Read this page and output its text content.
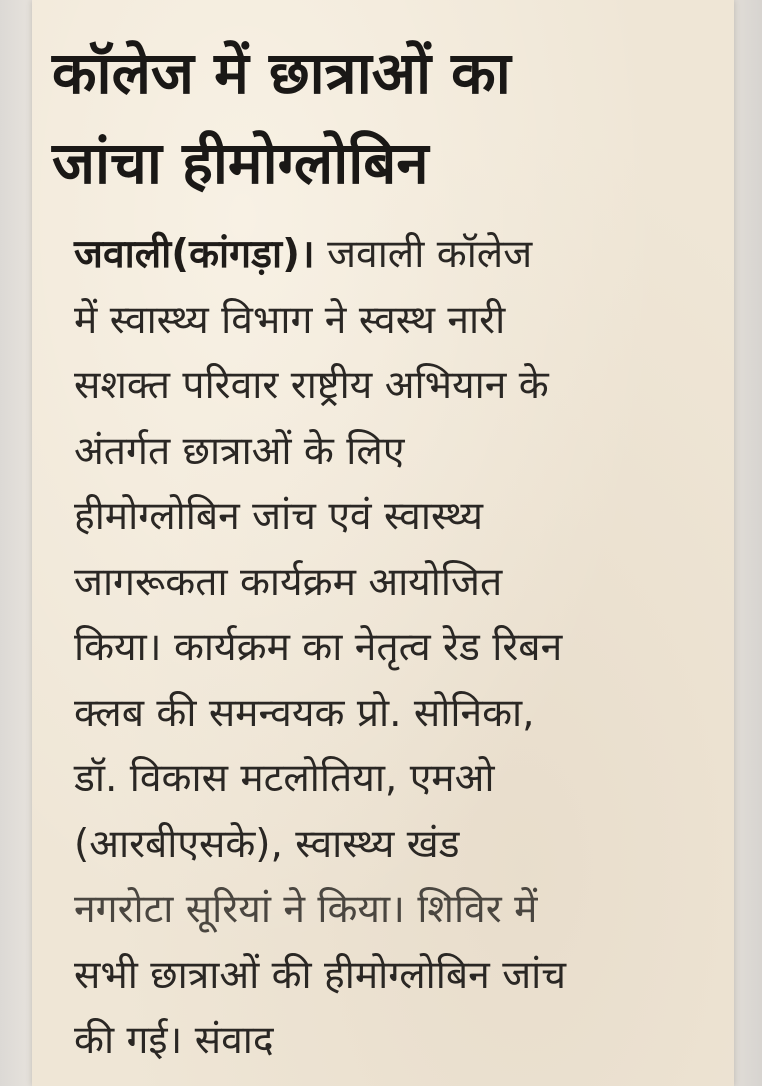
कॉलेज में छात्राओं का
जांचा हीमोग्लोबिन
जवाली(कांगड़ा)। जवाली कॉलेज
में स्वास्थ्य विभाग ने स्वस्थ नारी
सशक्त परिवार राष्ट्रीय अभियान के
अंतर्गत छात्राओं के लिए
हीमोग्लोबिन जांच एवं स्वास्थ्य
जागरूकता कार्यक्रम आयोजित
किया। कार्यक्रम का नेतृत्व रेड रिबन
क्लब की समन्वयक प्रो. सोनिका,
डॉ. विकास मटलोतिया, एमओ
(आरबीएसके), स्वास्थ्य खंड
नगरोटा सूरियां ने किया। शिविर में
सभी छात्राओं की हीमोग्लोबिन जांच
की गई। संवाद
